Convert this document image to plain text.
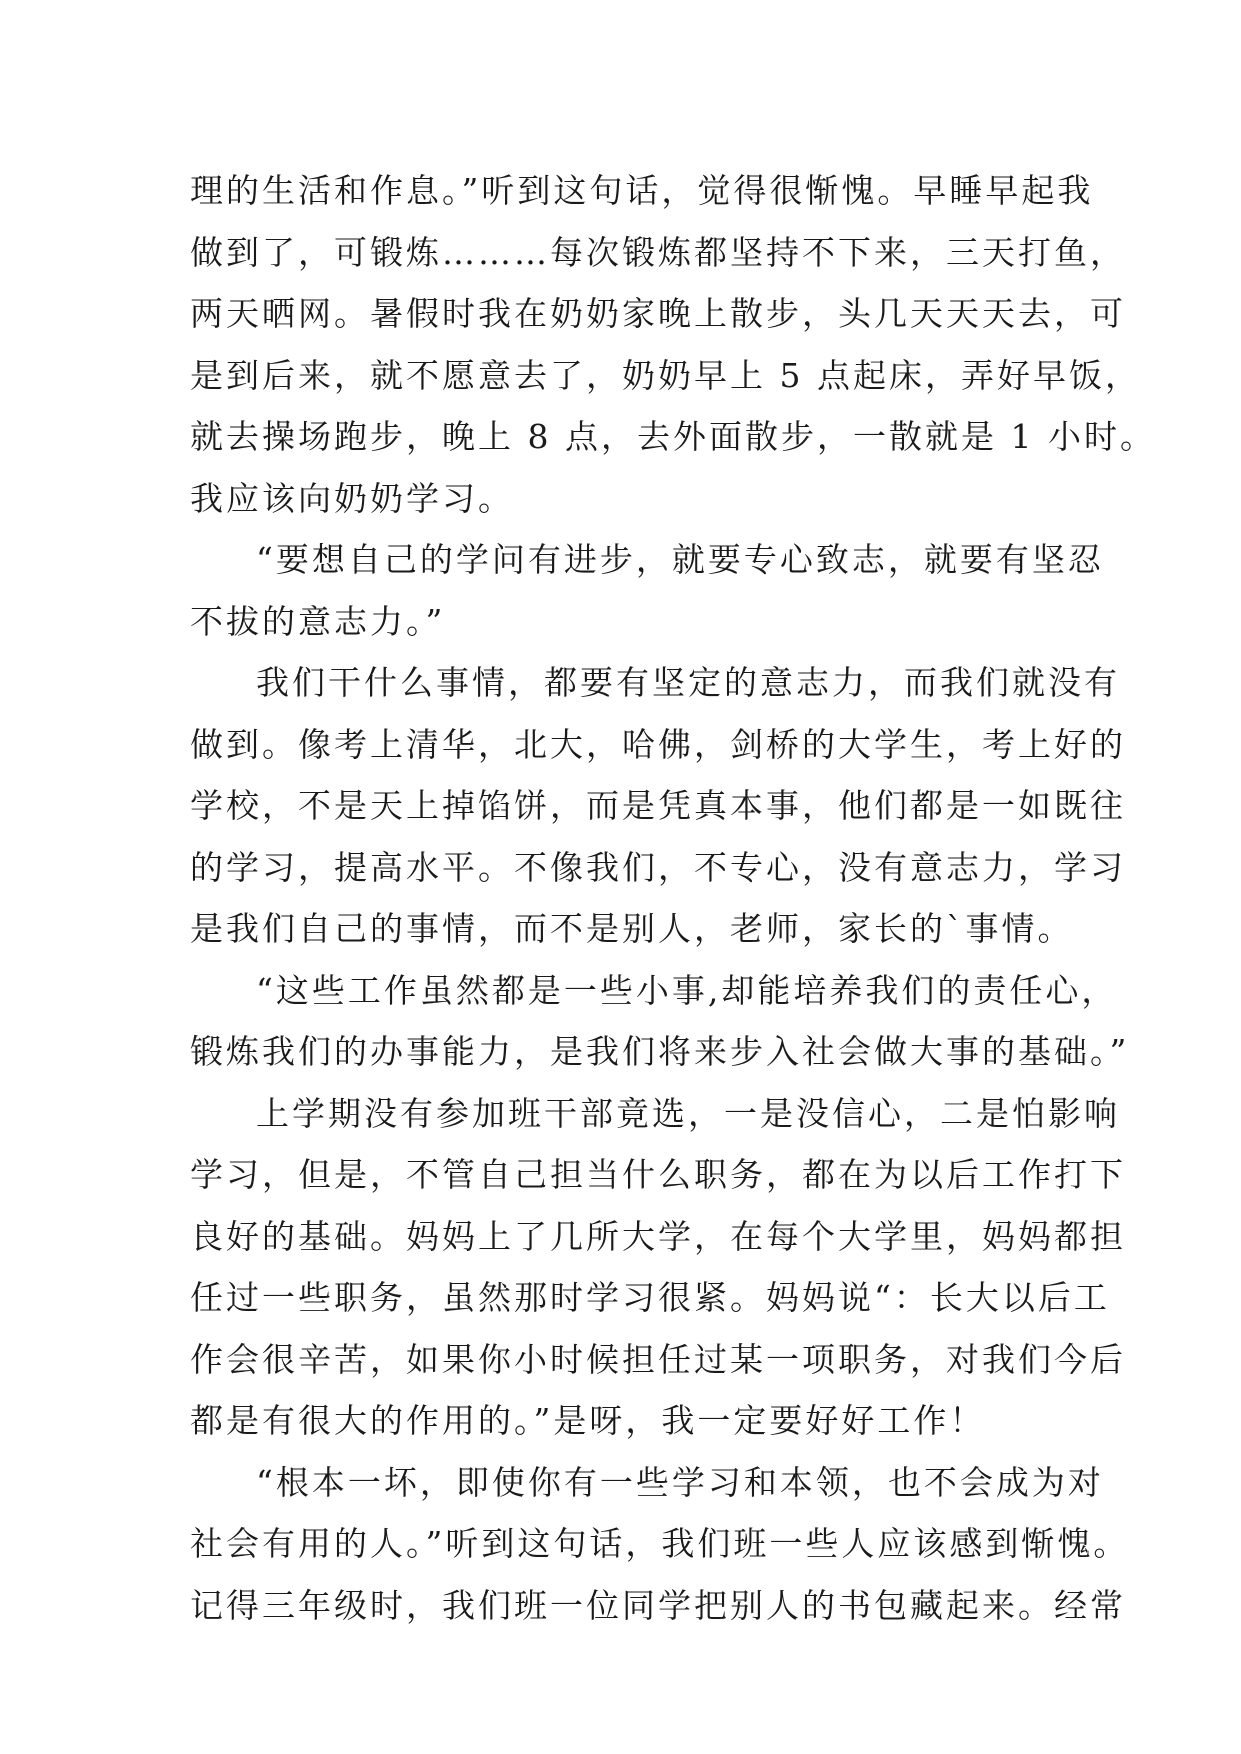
理的生活和作息。”听到这句话，觉得很惭愧。早睡早起我
做到了，可锻炼………每次锻炼都坚持不下来，三天打鱼，
两天晒网。暑假时我在奶奶家晚上散步，头几天天天去，可
是到后来，就不愿意去了，奶奶早上 5 点起床，弄好早饭，
就去操场跑步，晚上 8 点，去外面散步，一散就是 1 小时。
我应该向奶奶学习。
“要想自己的学问有进步，就要专心致志，就要有坚忍
不拔的意志力。”
我们干什么事情，都要有坚定的意志力，而我们就没有
做到。像考上清华，北大，哈佛，剑桥的大学生，考上好的
学校，不是天上掉馅饼，而是凭真本事，他们都是一如既往
的学习，提高水平。不像我们，不专心，没有意志力，学习
是我们自己的事情，而不是别人，老师，家长的`事情。
“这些工作虽然都是一些小事,却能培养我们的责任心，
锻炼我们的办事能力，是我们将来步入社会做大事的基础。”
上学期没有参加班干部竟选，一是没信心，二是怕影响
学习，但是，不管自己担当什么职务，都在为以后工作打下
良好的基础。妈妈上了几所大学，在每个大学里，妈妈都担
任过一些职务，虽然那时学习很紧。妈妈说“：长大以后工
作会很辛苦，如果你小时候担任过某一项职务，对我们今后
都是有很大的作用的。”是呀，我一定要好好工作！
“根本一坏，即使你有一些学习和本领，也不会成为对
社会有用的人。”听到这句话，我们班一些人应该感到惭愧。
记得三年级时，我们班一位同学把别人的书包藏起来。经常
